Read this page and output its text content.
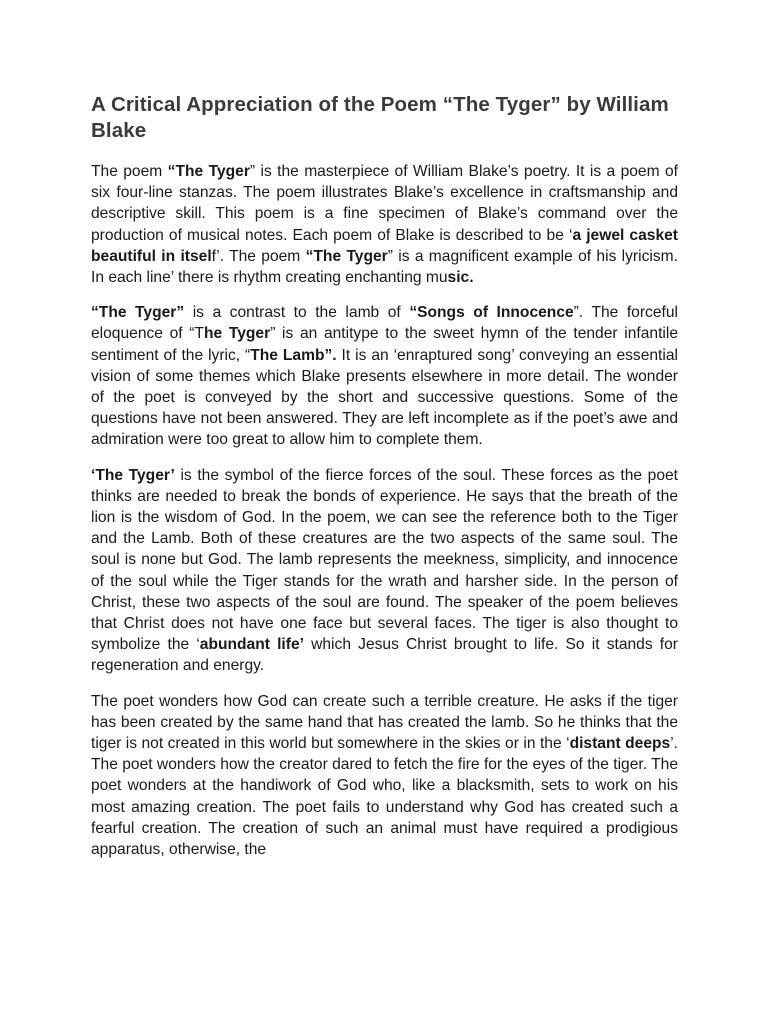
A Critical Appreciation of the Poem “The Tyger” by William Blake

The poem “The Tyger” is the masterpiece of William Blake’s poetry. It is a poem of six four-line stanzas. The poem illustrates Blake’s excellence in craftsmanship and descriptive skill. This poem is a fine specimen of Blake’s command over the production of musical notes. Each poem of Blake is described to be ‘a jewel casket beautiful in itself’. The poem “The Tyger” is a magnificent example of his lyricism. In each line’ there is rhythm creating enchanting music.

“The Tyger” is a contrast to the lamb of “Songs of Innocence”. The forceful eloquence of “The Tyger” is an antitype to the sweet hymn of the tender infantile sentiment of the lyric, “The Lamb”. It is an ‘enraptured song’ conveying an essential vision of some themes which Blake presents elsewhere in more detail. The wonder of the poet is conveyed by the short and successive questions. Some of the questions have not been answered. They are left incomplete as if the poet’s awe and admiration were too great to allow him to complete them.

‘The Tyger’ is the symbol of the fierce forces of the soul. These forces as the poet thinks are needed to break the bonds of experience. He says that the breath of the lion is the wisdom of God. In the poem, we can see the reference both to the Tiger and the Lamb. Both of these creatures are the two aspects of the same soul. The soul is none but God. The lamb represents the meekness, simplicity, and innocence of the soul while the Tiger stands for the wrath and harsher side. In the person of Christ, these two aspects of the soul are found. The speaker of the poem believes that Christ does not have one face but several faces. The tiger is also thought to symbolize the ‘abundant life’ which Jesus Christ brought to life. So it stands for regeneration and energy.

The poet wonders how God can create such a terrible creature. He asks if the tiger has been created by the same hand that has created the lamb. So he thinks that the tiger is not created in this world but somewhere in the skies or in the ‘distant deeps’. The poet wonders how the creator dared to fetch the fire for the eyes of the tiger. The poet wonders at the handiwork of God who, like a blacksmith, sets to work on his most amazing creation. The poet fails to understand why God has created such a fearful creation. The creation of such an animal must have required a prodigious apparatus, otherwise, the
